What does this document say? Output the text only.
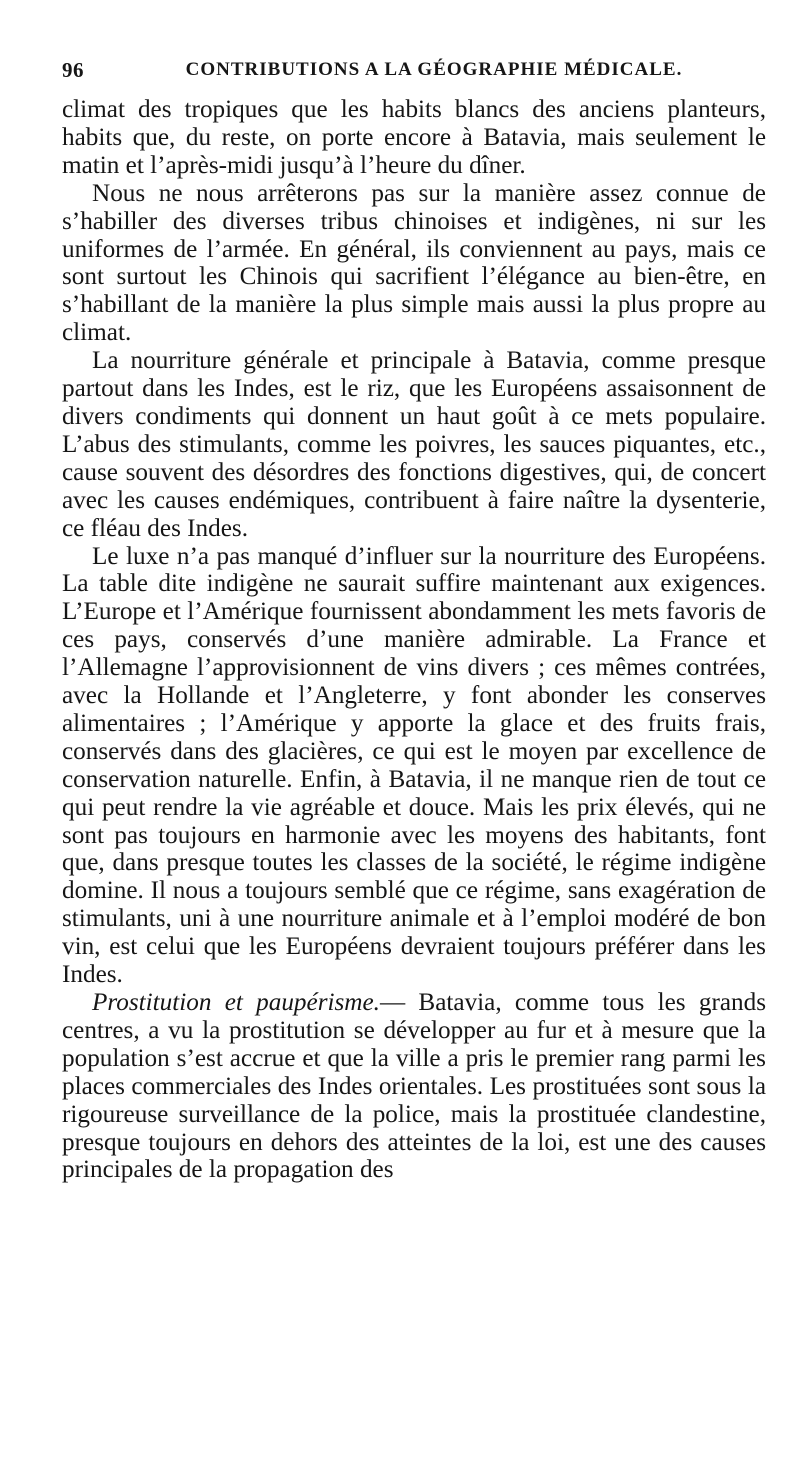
96	CONTRIBUTIONS A LA GÉOGRAPHIE MÉDICALE.

climat des tropiques que les habits blancs des anciens planteurs, habits que, du reste, on porte encore à Batavia, mais seulement le matin et l’après-midi jusqu’à l’heure du dîner.

Nous ne nous arrêterons pas sur la manière assez connue de s’habiller des diverses tribus chinoises et indigènes, ni sur les uniformes de l’armée. En général, ils conviennent au pays, mais ce sont surtout les Chinois qui sacrifient l’élégance au bien-être, en s’habillant de la manière la plus simple mais aussi la plus propre au climat.

La nourriture générale et principale à Batavia, comme presque partout dans les Indes, est le riz, que les Européens assaisonnent de divers condiments qui donnent un haut goût à ce mets populaire. L’abus des stimulants, comme les poivres, les sauces piquantes, etc., cause souvent des désordres des fonctions digestives, qui, de concert avec les causes endémiques, contribuent à faire naître la dysenterie, ce fléau des Indes.

Le luxe n’a pas manqué d’influer sur la nourriture des Européens. La table dite indigène ne saurait suffire maintenant aux exigences. L’Europe et l’Amérique fournissent abondamment les mets favoris de ces pays, conservés d’une manière admirable. La France et l’Allemagne l’approvisionnent de vins divers ; ces mêmes contrées, avec la Hollande et l’Angleterre, y font abonder les conserves alimentaires ; l’Amérique y apporte la glace et des fruits frais, conservés dans des glacières, ce qui est le moyen par excellence de conservation naturelle. Enfin, à Batavia, il ne manque rien de tout ce qui peut rendre la vie agréable et douce. Mais les prix élevés, qui ne sont pas toujours en harmonie avec les moyens des habitants, font que, dans presque toutes les classes de la société, le régime indigène domine. Il nous a toujours semblé que ce régime, sans exagération de stimulants, uni à une nourriture animale et à l’emploi modéré de bon vin, est celui que les Européens devraient toujours préférer dans les Indes.

Prostitution et paupérisme.— Batavia, comme tous les grands centres, a vu la prostitution se développer au fur et à mesure que la population s’est accrue et que la ville a pris le premier rang parmi les places commerciales des Indes orientales. Les prostituées sont sous la rigoureuse surveillance de la police, mais la prostituée clandestine, presque toujours en dehors des atteintes de la loi, est une des causes principales de la propagation des
